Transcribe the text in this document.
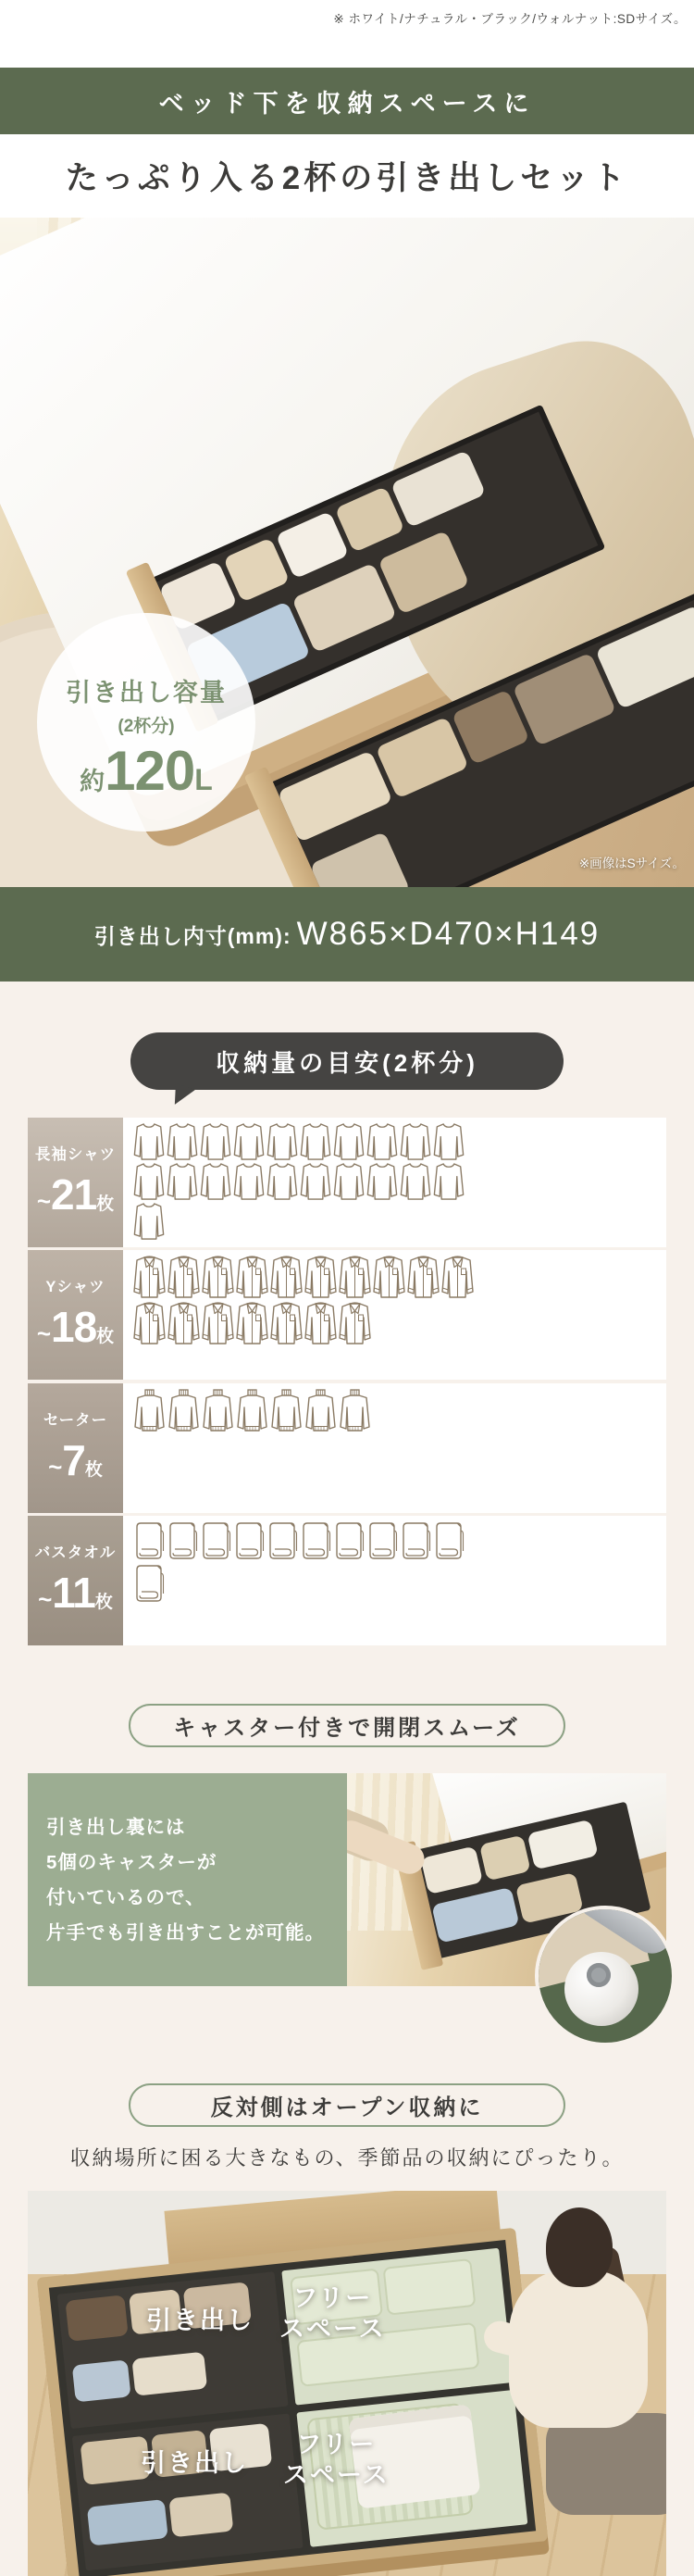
※ ホワイト/ナチュラル・ブラック/ウォルナット:SDサイズ。
ベッド下を収納スペースに
たっぷり入る2杯の引き出しセット
引き出し容量
(2杯分)
約120L
※画像はSサイズ。
引き出し内寸(mm): W865×D470×H149
収納量の目安(2杯分)
長袖シャツ
~21枚
Yシャツ
~18枚
セーター
~7枚
バスタオル
~11枚
キャスター付きで開閉スムーズ
引き出し裏には
5個のキャスターが
付いているので、
片手でも引き出すことが可能。
反対側はオープン収納に
収納場所に困る大きなもの、季節品の収納にぴったり。
引き出し
フリー
スペース
引き出し
フリー
スペース
